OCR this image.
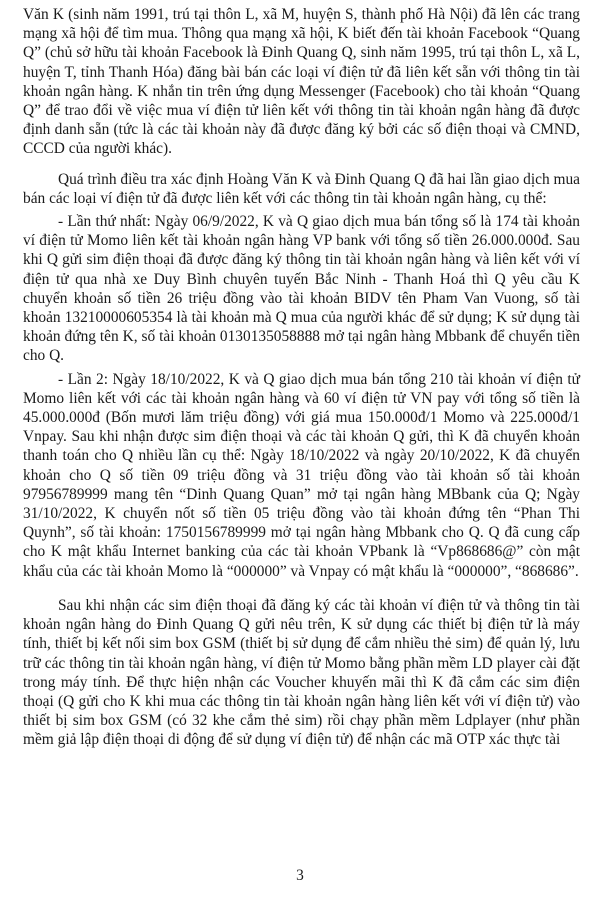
Văn K (sinh năm 1991, trú tại thôn L, xã M, huyện S, thành phố Hà Nội) đã lên các trang mạng xã hội để tìm mua. Thông qua mạng xã hội, K biết đến tài khoản Facebook “Quang Q” (chủ sở hữu tài khoản Facebook là Đinh Quang Q, sinh năm 1995, trú tại thôn L, xã L, huyện T, tỉnh Thanh Hóa) đăng bài bán các loại ví điện tử đã liên kết sẵn với thông tin tài khoản ngân hàng. K nhắn tin trên ứng dụng Messenger (Facebook) cho tài khoản “Quang Q” để trao đổi về việc mua ví điện tử liên kết với thông tin tài khoản ngân hàng đã được định danh sẵn (tức là các tài khoản này đã được đăng ký bởi các số điện thoại và CMND, CCCD của người khác).

Quá trình điều tra xác định Hoàng Văn K và Đinh Quang Q đã hai lần giao dịch mua bán các loại ví điện tử đã được liên kết với các thông tin tài khoản ngân hàng, cụ thể:

- Lần thứ nhất: Ngày 06/9/2022, K và Q giao dịch mua bán tổng số là 174 tài khoản ví điện tử Momo liên kết tài khoản ngân hàng VP bank với tổng số tiền 26.000.000đ. Sau khi Q gửi sim điện thoại đã được đăng ký thông tin tài khoản ngân hàng và liên kết với ví điện tử qua nhà xe Duy Bình chuyên tuyến Bắc Ninh - Thanh Hoá thì Q yêu cầu K chuyển khoản số tiền 26 triệu đồng vào tài khoản BIDV tên Pham Van Vuong, số tài khoản 13210000605354 là tài khoản mà Q mua của người khác để sử dụng; K sử dụng tài khoản đứng tên K, số tài khoản 0130135058888 mở tại ngân hàng Mbbank để chuyển tiền cho Q.

- Lần 2: Ngày 18/10/2022, K và Q giao dịch mua bán tổng 210 tài khoản ví điện tử Momo liên kết với các tài khoản ngân hàng và 60 ví điện tử VN pay với tổng số tiền là 45.000.000đ (Bốn mươi lăm triệu đồng) với giá mua 150.000đ/1 Momo và 225.000đ/1 Vnpay. Sau khi nhận được sim điện thoại và các tài khoản Q gửi, thì K đã chuyển khoản thanh toán cho Q nhiều lần cụ thể: Ngày 18/10/2022 và ngày 20/10/2022, K đã chuyển khoản cho Q số tiền 09 triệu đồng và 31 triệu đồng vào tài khoản số tài khoản 97956789999 mang tên “Dinh Quang Quan” mở tại ngân hàng MBbank của Q; Ngày 31/10/2022, K chuyển nốt số tiền 05 triệu đồng vào tài khoản đứng tên “Phan Thi Quynh”, số tài khoản: 1750156789999 mở tại ngân hàng Mbbank cho Q. Q đã cung cấp cho K mật khẩu Internet banking của các tài khoản VPbank là “Vp868686@” còn mật khẩu của các tài khoản Momo là “000000” và Vnpay có mật khẩu là “000000”, “868686”.

Sau khi nhận các sim điện thoại đã đăng ký các tài khoản ví điện tử và thông tin tài khoản ngân hàng do Đinh Quang Q gửi nêu trên, K sử dụng các thiết bị điện tử là máy tính, thiết bị kết nối sim box GSM (thiết bị sử dụng để cắm nhiều thẻ sim) để quản lý, lưu trữ các thông tin tài khoản ngân hàng, ví điện tử Momo bằng phần mềm LD player cài đặt trong máy tính. Để thực hiện nhận các Voucher khuyến mãi thì K đã cắm các sim điện thoại (Q gửi cho K khi mua các thông tin tài khoản ngân hàng liên kết với ví điện tử) vào thiết bị sim box GSM (có 32 khe cắm thẻ sim) rồi chạy phần mềm Ldplayer (như phần mềm giả lập điện thoại di động để sử dụng ví điện tử) để nhận các mã OTP xác thực tài

3
